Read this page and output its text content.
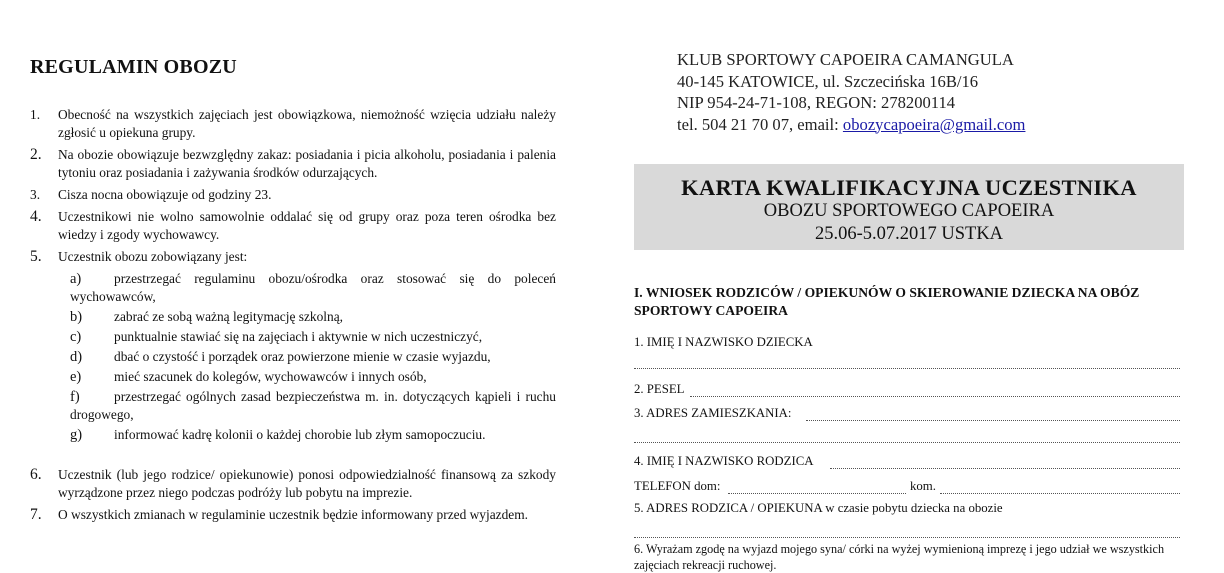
REGULAMIN OBOZU
1. Obecność na wszystkich zajęciach jest obowiązkowa, niemożność wzięcia udziału należy zgłosić u opiekuna grupy.
2. Na obozie obowiązuje bezwzględny zakaz: posiadania i picia alkoholu, posiadania i palenia tytoniu oraz posiadania i zażywania środków odurzających.
3. Cisza nocna obowiązuje od godziny 23.
4. Uczestnikowi nie wolno samowolnie oddalać się od grupy oraz poza teren ośrodka bez wiedzy i zgody wychowawcy.
5. Uczestnik obozu zobowiązany jest:
a) przestrzegać regulaminu obozu/ośrodka oraz stosować się do poleceń wychowawców,
b) zabrać ze sobą ważną legitymację szkolną,
c) punktualnie stawiać się na zajęciach i aktywnie w nich uczestniczyć,
d) dbać o czystość i porządek oraz powierzone mienie w czasie wyjazdu,
e) mieć szacunek do kolegów, wychowawców i innych osób,
f)	przestrzegać ogólnych zasad bezpieczeństwa m. in. dotyczących kąpieli i ruchu drogowego,
g) informować kadrę kolonii o każdej chorobie lub złym samopoczuciu.
6. Uczestnik (lub jego rodzice/ opiekunowie) ponosi odpowiedzialność finansową za szkody wyrządzone przez niego podczas podróży lub pobytu na imprezie.
7. O wszystkich zmianach w regulaminie uczestnik będzie informowany przed wyjazdem.
KLUB SPORTOWY CAPOEIRA CAMANGULA
40-145 KATOWICE, ul. Szczecińska 16B/16
NIP 954-24-71-108, REGON: 278200114
tel. 504 21 70 07, email: obozycapoeira@gmail.com
KARTA KWALIFIKACYJNA UCZESTNIKA
OBOZU SPORTOWEGO CAPOEIRA
25.06-5.07.2017 USTKA
I. WNIOSEK RODZICÓW / OPIEKUNÓW O SKIEROWANIE DZIECKA NA OBÓZ SPORTOWY CAPOEIRA
1. IMIĘ I NAZWISKO DZIECKA
2. PESEL
3. ADRES ZAMIESZKANIA:
4. IMIĘ I NAZWISKO RODZICA
TELEFON dom:	kom.
5. ADRES RODZICA / OPIEKUNA w czasie pobytu dziecka na obozie
6. Wyrażam zgodę na wyjazd mojego syna/ córki na wyżej wymienioną imprezę i jego udział we wszystkich zajęciach rekreacji ruchowej.
